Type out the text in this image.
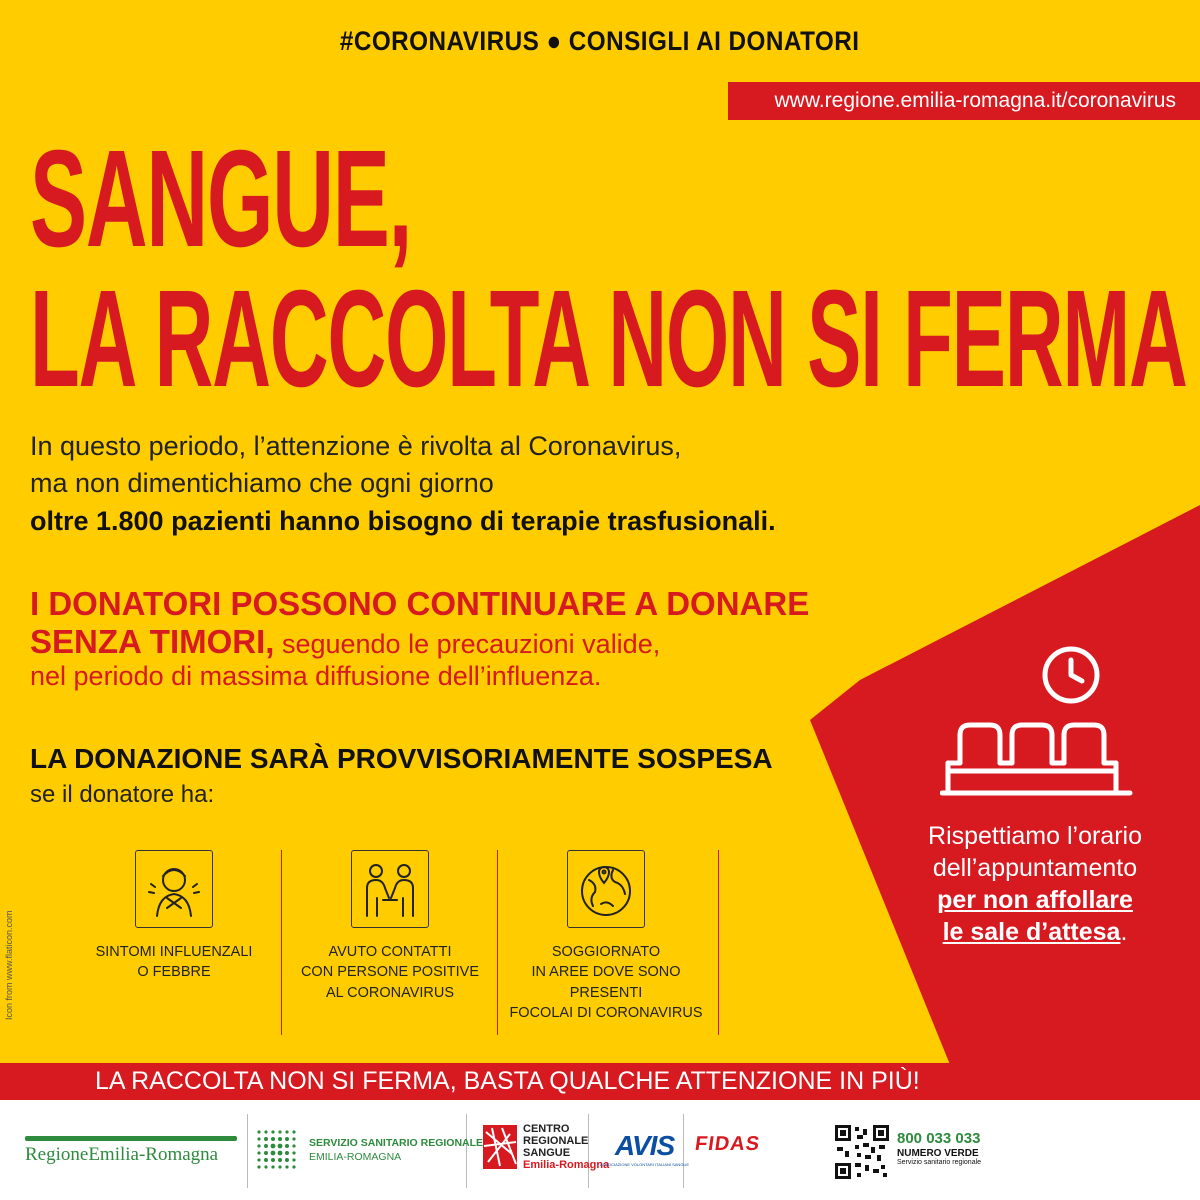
#CORONAVIRUS ● CONSIGLI AI DONATORI
www.regione.emilia-romagna.it/coronavirus
SANGUE,
LA RACCOLTA NON SI FERMA
In questo periodo, l’attenzione è rivolta al Coronavirus,
ma non dimentichiamo che ogni giorno
oltre 1.800 pazienti hanno bisogno di terapie trasfusionali.
I DONATORI POSSONO CONTINUARE A DONARE
SENZA TIMORI, seguendo le precauzioni valide,
nel periodo di massima diffusione dell’influenza.
LA DONAZIONE SARÀ PROVVISORIAMENTE SOSPESA
se il donatore ha:
SINTOMI INFLUENZALI
O FEBBRE
AVUTO CONTATTI
CON PERSONE POSITIVE
AL CORONAVIRUS
SOGGIORNATO
IN AREE DOVE SONO PRESENTI
FOCOLAI DI CORONAVIRUS
Icon from www.flaticon.com
Rispettiamo l’orario
dell’appuntamento
per non affollare
le sale d’attesa.
LA RACCOLTA NON SI FERMA, BASTA QUALCHE ATTENZIONE IN PIÙ!
RegioneEmilia-Romagna
SERVIZIO SANITARIO REGIONALE
EMILIA-ROMAGNA
CENTRO
REGIONALE
SANGUE
Emilia-Romagna
AVIS
ASSOCIAZIONE VOLONTARI ITALIANI SANGUE
FIDAS	800 033 033
NUMERO VERDE
Servizio sanitario regionale
